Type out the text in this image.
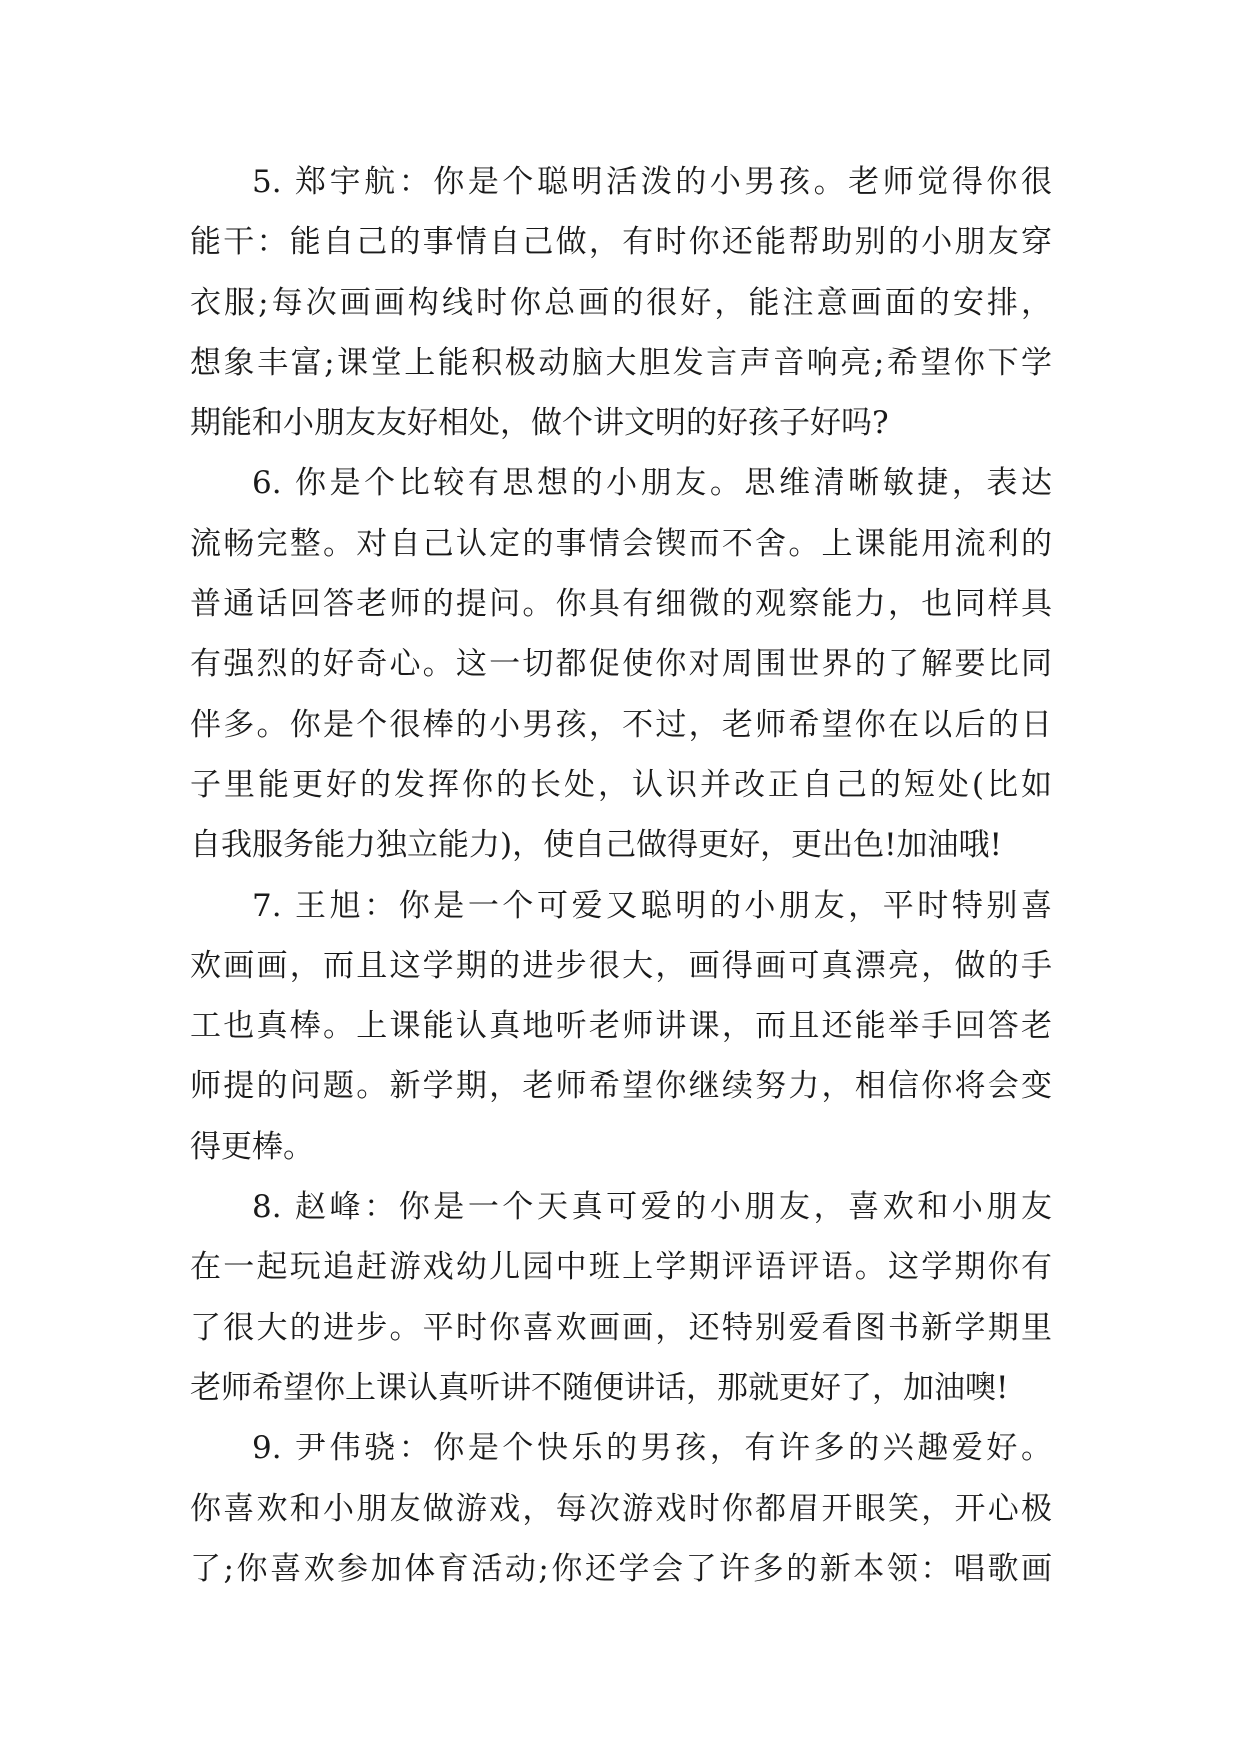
5. 郑宇航：你是个聪明活泼的小男孩。老师觉得你很
能干：能自己的事情自己做，有时你还能帮助别的小朋友穿
衣服;每次画画构线时你总画的很好，能注意画面的安排，
想象丰富;课堂上能积极动脑大胆发言声音响亮;希望你下学
期能和小朋友友好相处，做个讲文明的好孩子好吗?
6. 你是个比较有思想的小朋友。思维清晰敏捷，表达
流畅完整。对自己认定的事情会锲而不舍。上课能用流利的
普通话回答老师的提问。你具有细微的观察能力，也同样具
有强烈的好奇心。这一切都促使你对周围世界的了解要比同
伴多。你是个很棒的小男孩，不过，老师希望你在以后的日
子里能更好的发挥你的长处，认识并改正自己的短处(比如
自我服务能力独立能力)，使自己做得更好，更出色!加油哦!
7. 王旭：你是一个可爱又聪明的小朋友，平时特别喜
欢画画，而且这学期的进步很大，画得画可真漂亮，做的手
工也真棒。上课能认真地听老师讲课，而且还能举手回答老
师提的问题。新学期，老师希望你继续努力，相信你将会变
得更棒。
8. 赵峰：你是一个天真可爱的小朋友，喜欢和小朋友
在一起玩追赶游戏幼儿园中班上学期评语评语。这学期你有
了很大的进步。平时你喜欢画画，还特别爱看图书新学期里
老师希望你上课认真听讲不随便讲话，那就更好了，加油噢!
9. 尹伟骁：你是个快乐的男孩，有许多的兴趣爱好。
你喜欢和小朋友做游戏，每次游戏时你都眉开眼笑，开心极
了;你喜欢参加体育活动;你还学会了许多的新本领：唱歌画
